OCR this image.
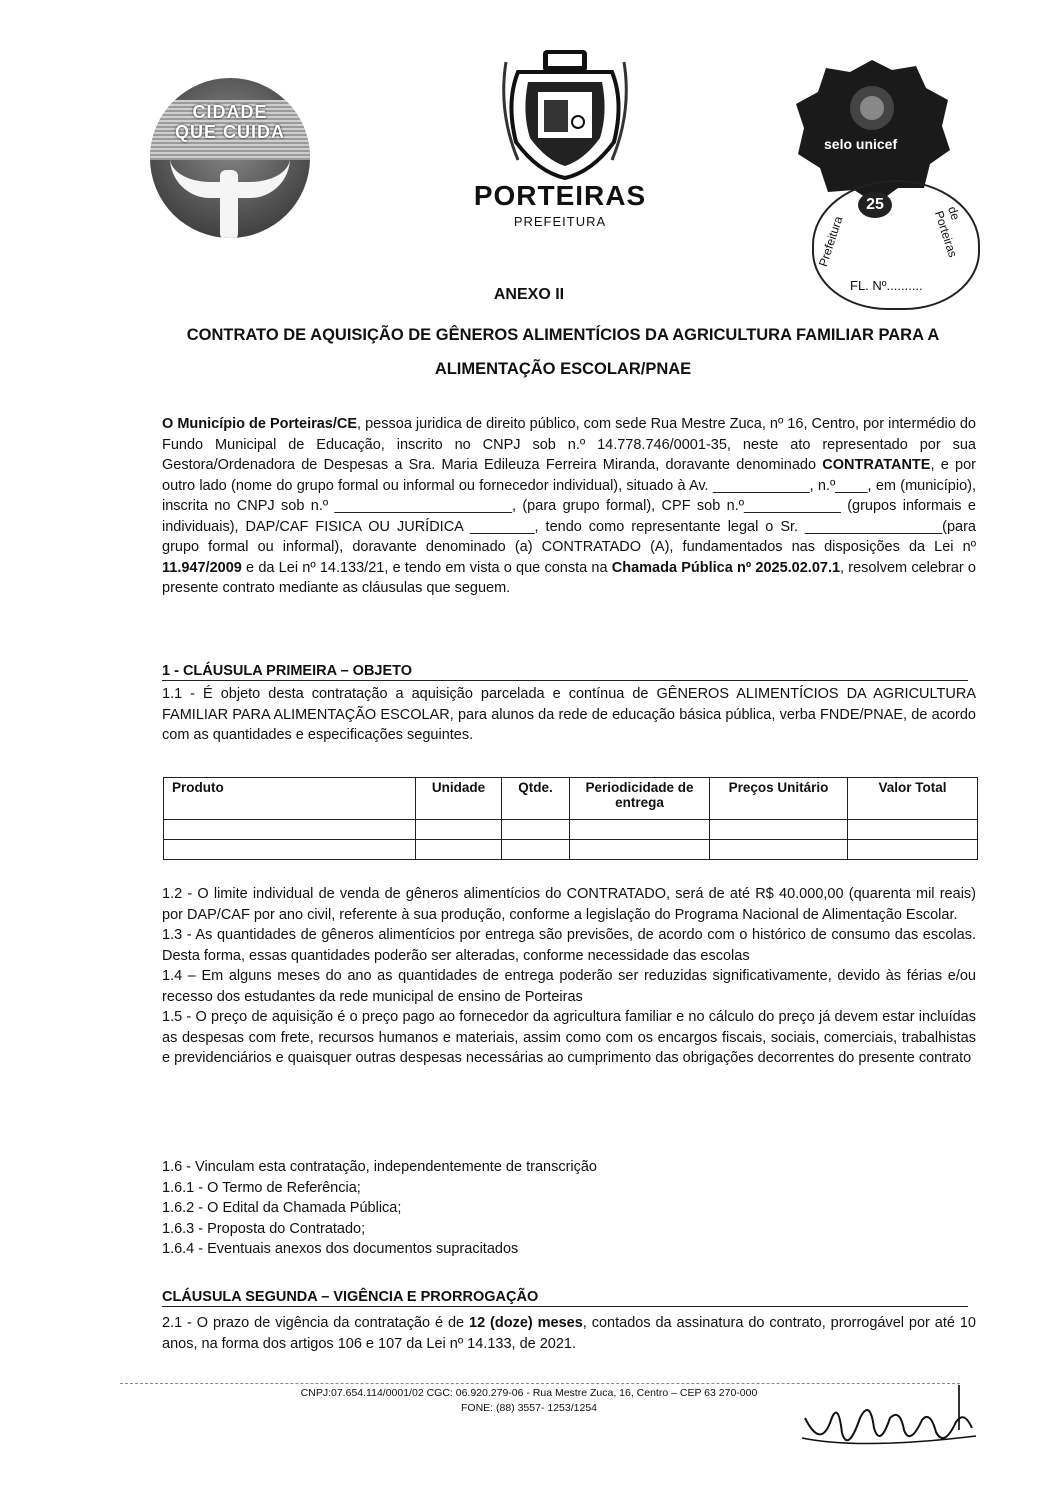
CIDADE
QUE CUIDA
PORTEIRAS
PREFEITURA
selo unicef
25
Prefeitura
de Porteiras
FL. Nº..........
ANEXO II
CONTRATO DE AQUISIÇÃO DE GÊNEROS ALIMENTÍCIOS DA AGRICULTURA FAMILIAR PARA A ALIMENTAÇÃO ESCOLAR/PNAE
O Município de Porteiras/CE, pessoa juridica de direito público, com sede Rua Mestre Zuca, nº 16, Centro, por intermédio do Fundo Municipal de Educação, inscrito no CNPJ sob n.º 14.778.746/0001-35, neste ato representado por sua Gestora/Ordenadora de Despesas a Sra. Maria Edileuza Ferreira Miranda, doravante denominado CONTRATANTE, e por outro lado (nome do grupo formal ou informal ou fornecedor individual), situado à Av. ____________, n.º____, em (município), inscrita no CNPJ sob n.º ______________________, (para grupo formal), CPF sob n.º____________ (grupos informais e individuais), DAP/CAF FISICA OU JURÍDICA ________, tendo como representante legal o Sr. _________________(para grupo formal ou informal), doravante denominado (a) CONTRATADO (A), fundamentados nas disposições da Lei nº 11.947/2009 e da Lei nº 14.133/21, e tendo em vista o que consta na Chamada Pública nº 2025.02.07.1, resolvem celebrar o presente contrato mediante as cláusulas que seguem.
1 - CLÁUSULA PRIMEIRA – OBJETO
1.1 - É objeto desta contratação a aquisição parcelada e contínua de GÊNEROS ALIMENTÍCIOS DA AGRICULTURA FAMILIAR PARA ALIMENTAÇÃO ESCOLAR, para alunos da rede de educação básica pública, verba FNDE/PNAE, de acordo com as quantidades e especificações seguintes.
Produto	Unidade	Qtde.	Periodicidade de entrega	Preços Unitário	Valor Total

1.2 - O limite individual de venda de gêneros alimentícios do CONTRATADO, será de até R$ 40.000,00 (quarenta mil reais) por DAP/CAF por ano civil, referente à sua produção, conforme a legislação do Programa Nacional de Alimentação Escolar.
1.3 - As quantidades de gêneros alimentícios por entrega são previsões, de acordo com o histórico de consumo das escolas. Desta forma, essas quantidades poderão ser alteradas, conforme necessidade das escolas
1.4 – Em alguns meses do ano as quantidades de entrega poderão ser reduzidas significativamente, devido às férias e/ou recesso dos estudantes da rede municipal de ensino de Porteiras
1.5 - O preço de aquisição é o preço pago ao fornecedor da agricultura familiar e no cálculo do preço já devem estar incluídas as despesas com frete, recursos humanos e materiais, assim como com os encargos fiscais, sociais, comerciais, trabalhistas e previdenciários e quaisquer outras despesas necessárias ao cumprimento das obrigações decorrentes do presente contrato
1.6 - Vinculam esta contratação, independentemente de transcrição
1.6.1 - O Termo de Referência;
1.6.2 - O Edital da Chamada Pública;
1.6.3 - Proposta do Contratado;
1.6.4 - Eventuais anexos dos documentos supracitados
CLÁUSULA SEGUNDA – VIGÊNCIA E PRORROGAÇÃO
2.1 - O prazo de vigência da contratação é de 12 (doze) meses, contados da assinatura do contrato, prorrogável por até 10 anos, na forma dos artigos 106 e 107 da Lei nº 14.133, de 2021.
CNPJ:07.654.114/0001/02 CGC: 06.920.279-06 - Rua Mestre Zuca, 16, Centro – CEP 63 270-000
FONE: (88) 3557- 1253/1254
